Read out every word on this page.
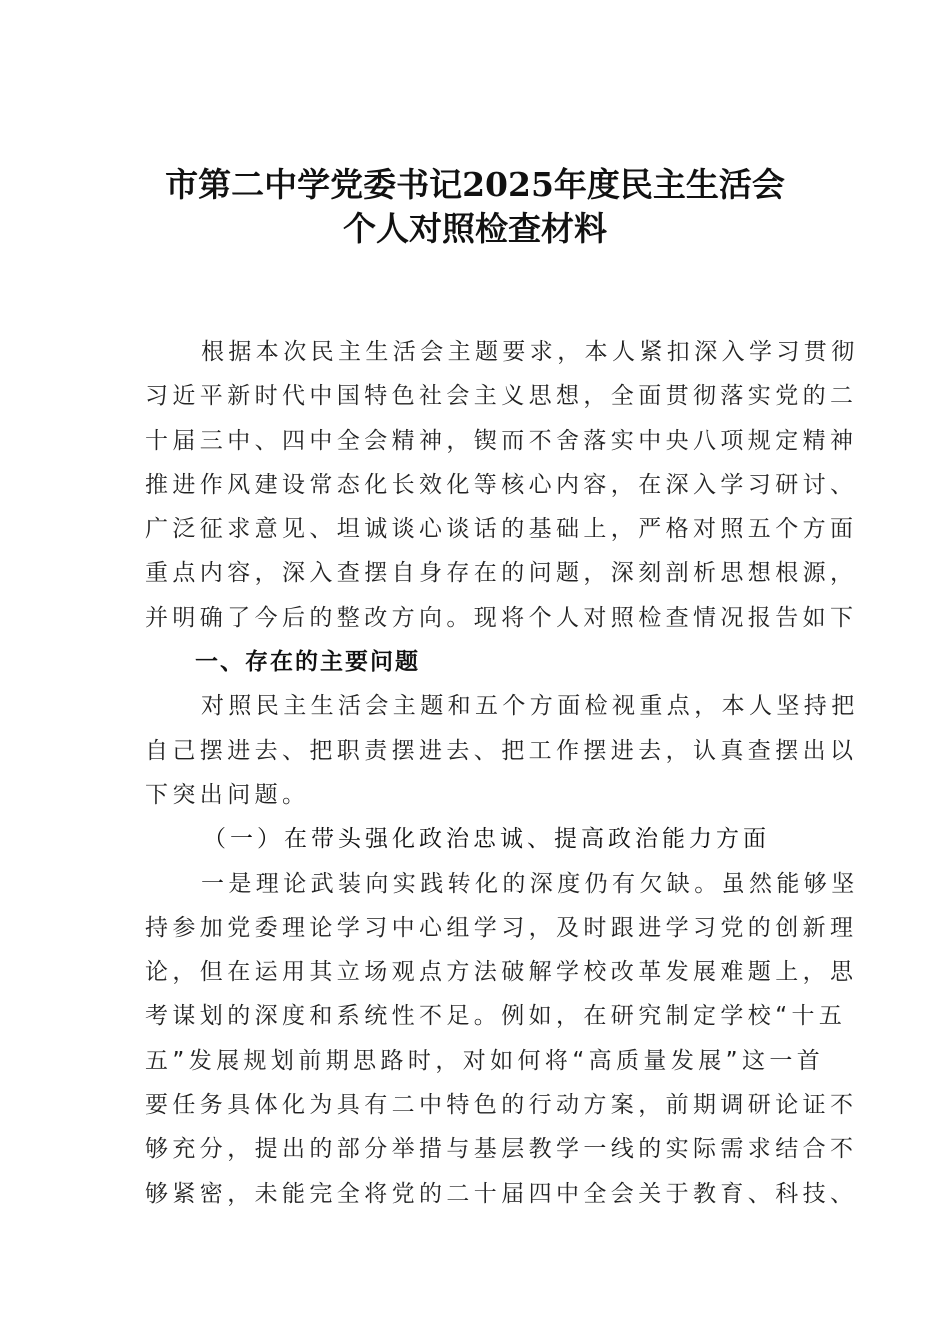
市第二中学党委书记2025年度民主生活会
个人对照检查材料
根据本次民主生活会主题要求，本人紧扣深入学习贯彻
习近平新时代中国特色社会主义思想，全面贯彻落实党的二
十届三中、四中全会精神，锲而不舍落实中央八项规定精神
推进作风建设常态化长效化等核心内容，在深入学习研讨、
广泛征求意见、坦诚谈心谈话的基础上，严格对照五个方面
重点内容，深入查摆自身存在的问题，深刻剖析思想根源，
并明确了今后的整改方向。现将个人对照检查情况报告如下
一、存在的主要问题
对照民主生活会主题和五个方面检视重点，本人坚持把
自己摆进去、把职责摆进去、把工作摆进去，认真查摆出以
下突出问题。
（一）在带头强化政治忠诚、提高政治能力方面
一是理论武装向实践转化的深度仍有欠缺。虽然能够坚
持参加党委理论学习中心组学习，及时跟进学习党的创新理
论，但在运用其立场观点方法破解学校改革发展难题上，思
考谋划的深度和系统性不足。例如，在研究制定学校“十五
五”发展规划前期思路时，对如何将“高质量发展”这一首
要任务具体化为具有二中特色的行动方案，前期调研论证不
够充分，提出的部分举措与基层教学一线的实际需求结合不
够紧密，未能完全将党的二十届四中全会关于教育、科技、
